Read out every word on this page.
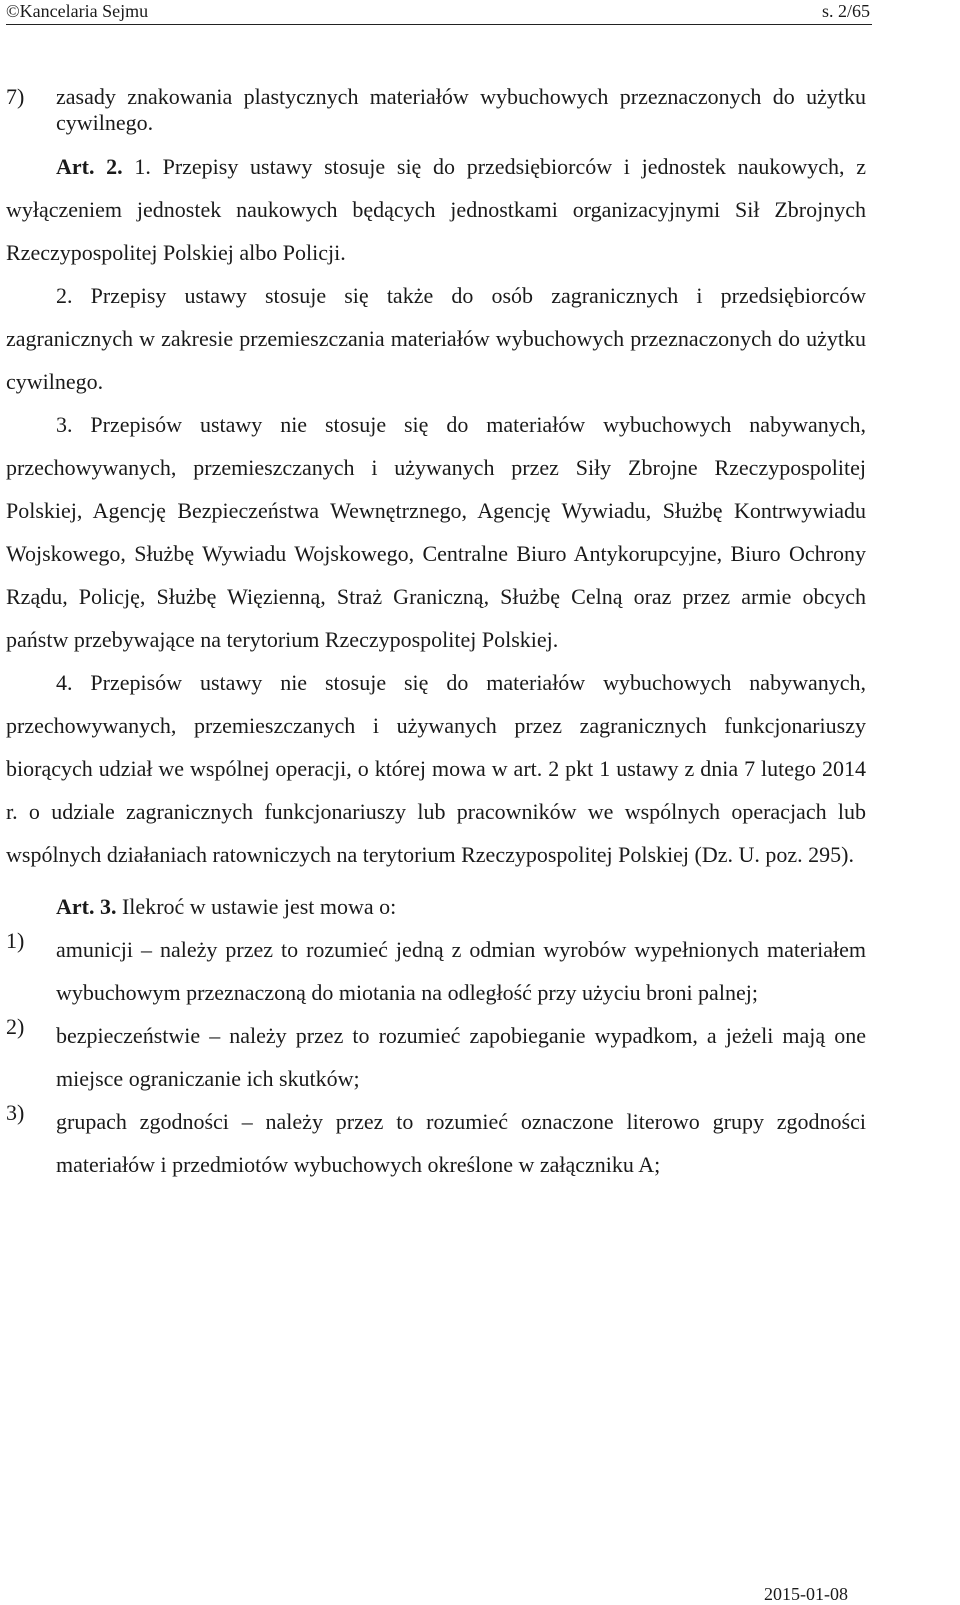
©Kancelaria Sejmu	s. 2/65
7)	zasady znakowania plastycznych materiałów wybuchowych przeznaczonych do użytku cywilnego.

Art. 2. 1. Przepisy ustawy stosuje się do przedsiębiorców i jednostek naukowych, z wyłączeniem jednostek naukowych będących jednostkami organizacyjnymi Sił Zbrojnych Rzeczypospolitej Polskiej albo Policji.

2. Przepisy ustawy stosuje się także do osób zagranicznych i przedsiębiorców zagranicznych w zakresie przemieszczania materiałów wybuchowych przeznaczonych do użytku cywilnego.

3. Przepisów ustawy nie stosuje się do materiałów wybuchowych nabywanych, przechowywanych, przemieszczanych i używanych przez Siły Zbrojne Rzeczypospolitej Polskiej, Agencję Bezpieczeństwa Wewnętrznego, Agencję Wywiadu, Służbę Kontrwywiadu Wojskowego, Służbę Wywiadu Wojskowego, Centralne Biuro Antykorupcyjne, Biuro Ochrony Rządu, Policję, Służbę Więzienną, Straż Graniczną, Służbę Celną oraz przez armie obcych państw przebywające na terytorium Rzeczypospolitej Polskiej.

4. Przepisów ustawy nie stosuje się do materiałów wybuchowych nabywanych, przechowywanych, przemieszczanych i używanych przez zagranicznych funkcjonariuszy biorących udział we wspólnej operacji, o której mowa w art. 2 pkt 1 ustawy z dnia 7 lutego 2014 r. o udziale zagranicznych funkcjonariuszy lub pracowników we wspólnych operacjach lub wspólnych działaniach ratowniczych na terytorium Rzeczypospolitej Polskiej (Dz. U. poz. 295).

Art. 3. Ilekroć w ustawie jest mowa o:

1)	amunicji – należy przez to rozumieć jedną z odmian wyrobów wypełnionych materiałem wybuchowym przeznaczoną do miotania na odległość przy użyciu broni palnej;
2)	bezpieczeństwie – należy przez to rozumieć zapobieganie wypadkom, a jeżeli mają one miejsce ograniczanie ich skutków;
3)	grupach zgodności – należy przez to rozumieć oznaczone literowo grupy zgodności materiałów i przedmiotów wybuchowych określone w załączniku A;
2015-01-08
